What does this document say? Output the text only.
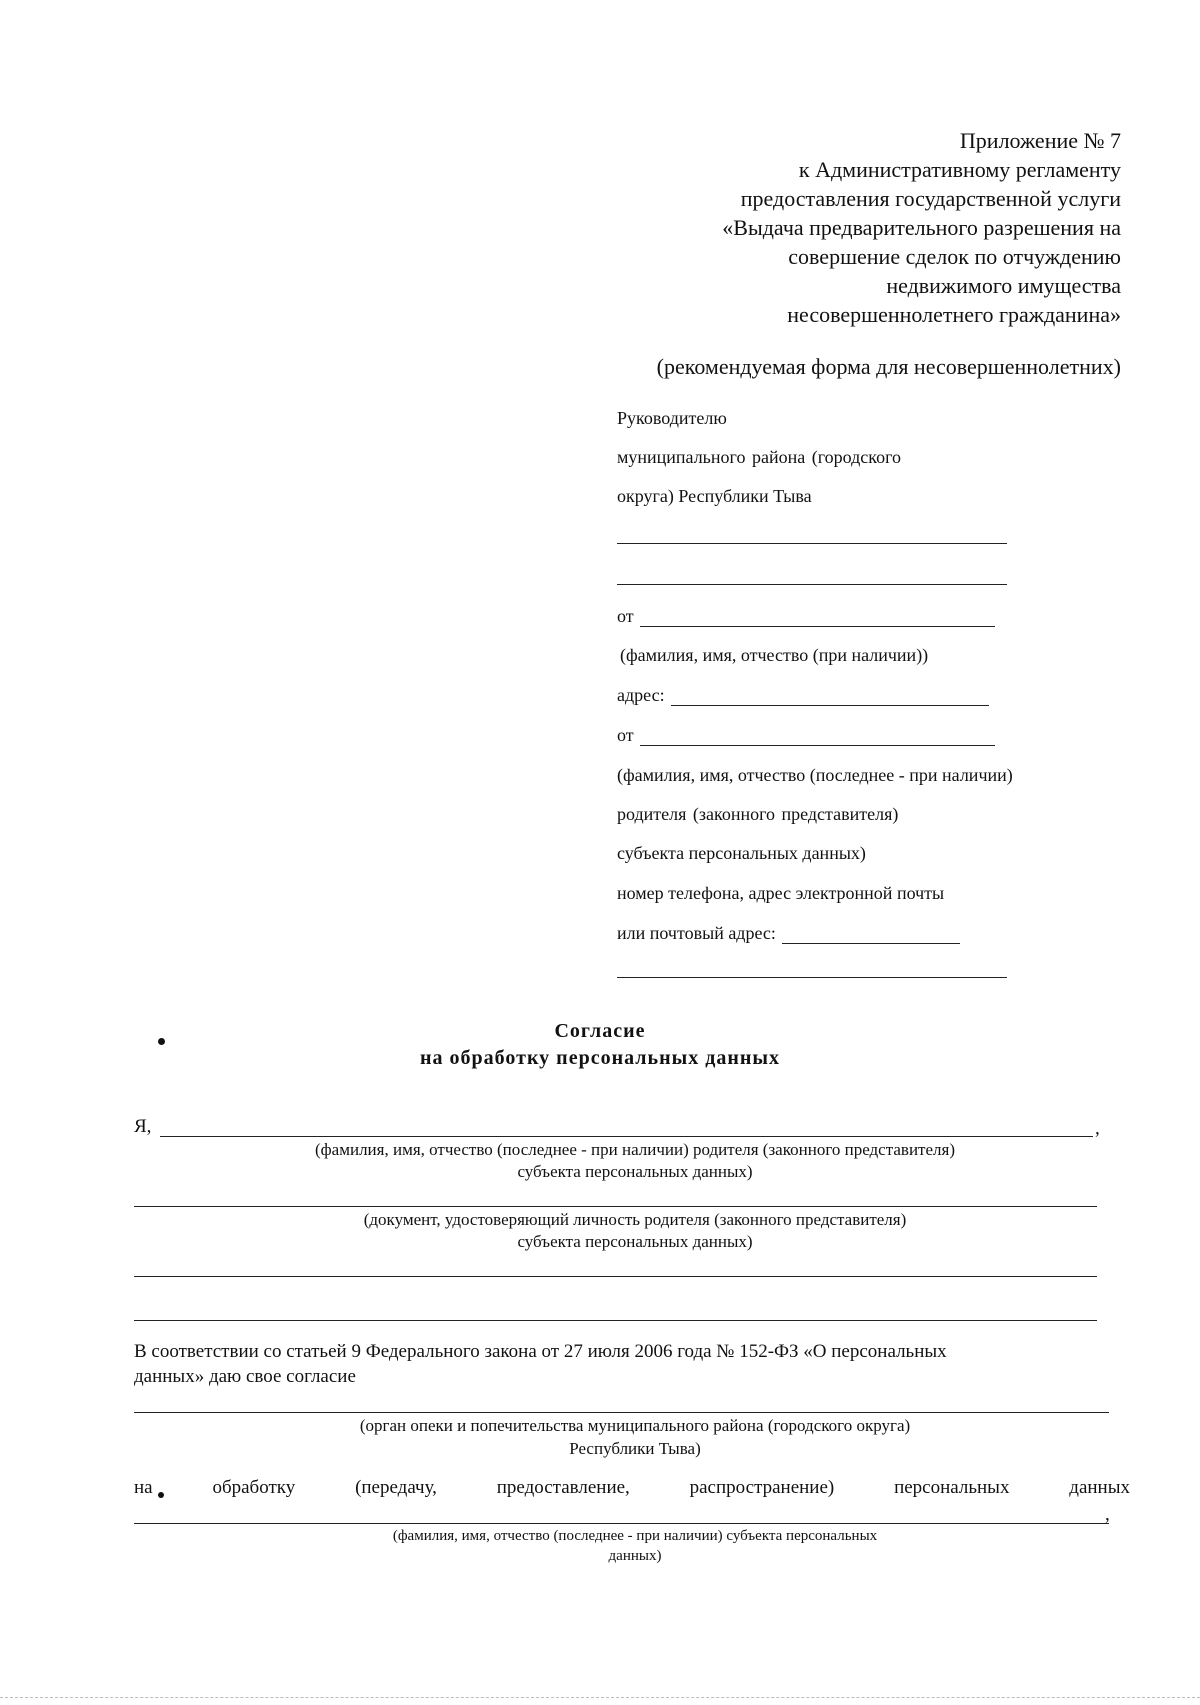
Приложение № 7
к Административному регламенту
предоставления государственной услуги
«Выдача предварительного разрешения на
совершение сделок по отчуждению
недвижимого имущества
несовершеннолетнего гражданина»
(рекомендуемая форма для несовершеннолетних)
Руководителю
муниципального района (городского
округа) Республики Тыва
от
(фамилия, имя, отчество (при наличии))
адрес:
от
(фамилия, имя, отчество (последнее - при наличии)
родителя (законного представителя)
субъекта персональных данных)
номер телефона, адрес электронной почты
или почтовый адрес:
Согласие
на обработку персональных данных
Я,	,
(фамилия, имя, отчество (последнее - при наличии) родителя (законного представителя)
субъекта персональных данных)
(документ, удостоверяющий личность родителя (законного представителя)
субъекта персональных данных)
В соответствии со статьей 9 Федерального закона от 27 июля 2006 года № 152-ФЗ «О персональных
данных» даю свое согласие
(орган опеки и попечительства муниципального района (городского округа)
Республики Тыва)
на	обработку	(передачу,	предоставление,	распространение)	персональных	данных
,
(фамилия, имя, отчество (последнее - при наличии) субъекта персональных
данных)
